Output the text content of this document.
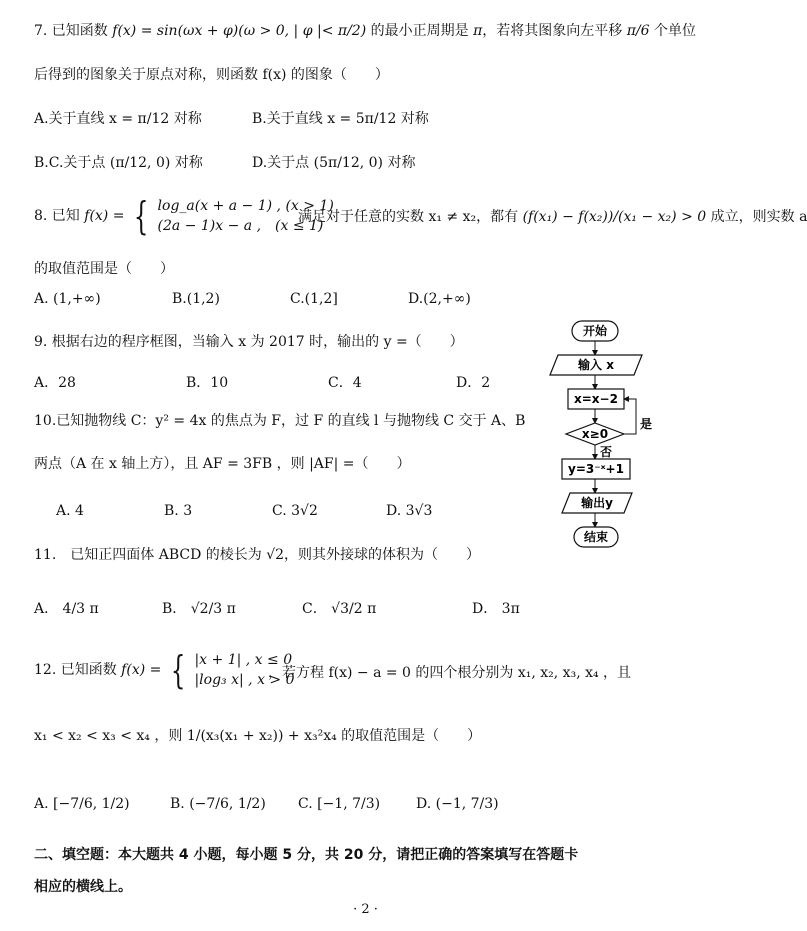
7. 已知函数 f(x) = sin(ωx + φ)(ω > 0, | φ |< π/2) 的最小正周期是 π，若将其图象向左平移 π/6 个单位
后得到的图象关于原点对称，则函数 f(x) 的图象（　　）
A.关于直线 x = π/12 对称	B.关于直线 x = 5π/12 对称
B.C.关于点 (π/12, 0) 对称	D.关于点 (5π/12, 0) 对称
8. 已知 f(x) = { log_a(x + a − 1) , (x > 1)
(2a − 1)x − a ,　(x ≤ 1)
满足对于任意的实数 x₁ ≠ x₂，都有 (f(x₁) − f(x₂))/(x₁ − x₂) > 0 成立，则实数 a
的取值范围是（　　）
A. (1,+∞)	B.(1,2)	C.(1,2]	D.(2,+∞)
9. 根据右边的程序框图，当输入 x 为 2017 时，输出的 y =（　　）
A．28	B．10	C．4	D．2
10.已知抛物线 C：y² = 4x 的焦点为 F，过 F 的直线 l 与抛物线 C 交于 A、B
两点（A 在 x 轴上方），且 AF = 3FB ，则 |AF| =（　　）
A. 4	B. 3	C. 3√2	D. 3√3
开始
输入 x
x=x−2
x≥0
是
否
y=3⁻ˣ+1
输出y
结束
11.　已知正四面体 ABCD 的棱长为 √2，则其外接球的体积为（　　）
A． 4/3 π	B． √2/3 π	C． √3/2 π	D． 3π
12. 已知函数 f(x) = { |x + 1| , x ≤ 0
|log₃ x| , x > 0
，若方程 f(x) − a = 0 的四个根分别为 x₁, x₂, x₃, x₄ ，且
x₁ < x₂ < x₃ < x₄ ，则 1/(x₃(x₁ + x₂)) + x₃²x₄ 的取值范围是（　　）
A. [−7/6, 1/2)	B. (−7/6, 1/2) C. [−1, 7/3)	D. (−1, 7/3)
二、填空题：本大题共 4 小题，每小题 5 分，共 20 分，请把正确的答案填写在答题卡
相应的横线上。
· 2 ·
